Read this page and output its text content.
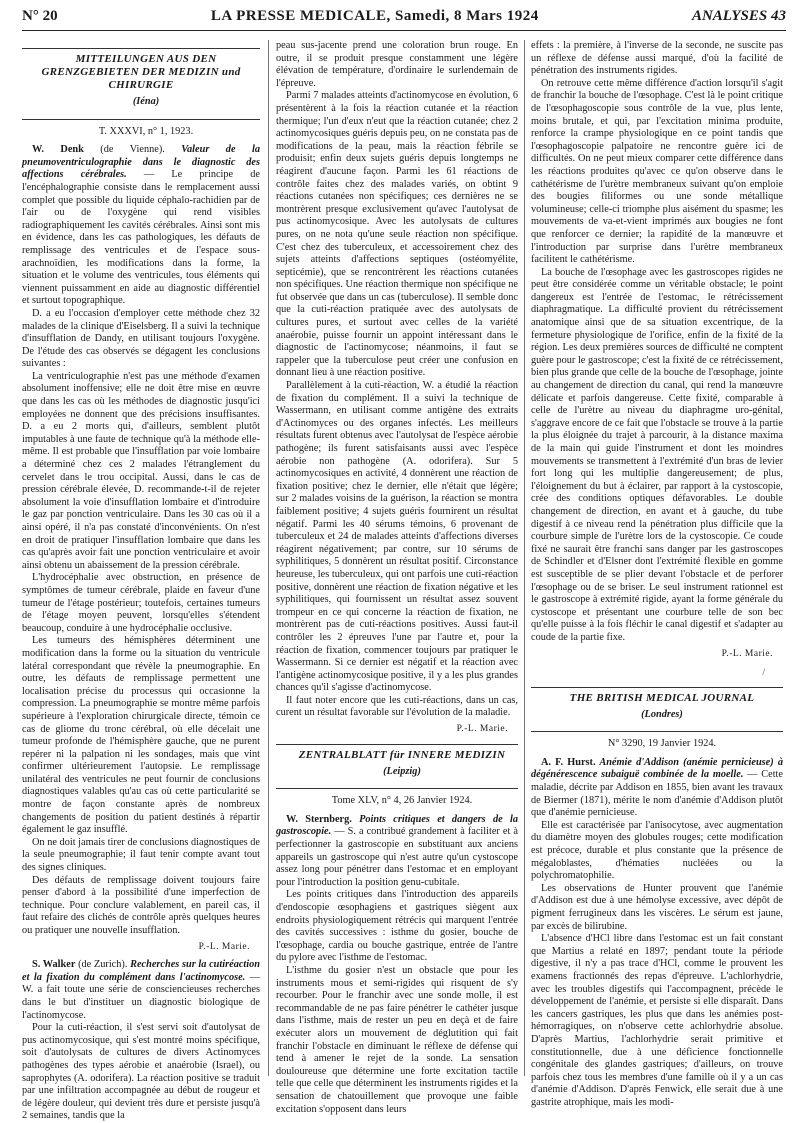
N° 20	LA PRESSE MEDICALE, Samedi, 8 Mars 1924	ANALYSES 43

MITTEILUNGEN AUS DEN GRENZGEBIETEN DER MEDIZIN und CHIRURGIE

(Iéna)

T. XXXVI, n° 1, 1923.

W. Denk (de Vienne). Valeur de la pneumoventriculographie dans le diagnostic des affections cérébrales. — Le principe de l'encéphalographie consiste dans le remplacement aussi complet que possible du liquide céphalo-rachidien par de l'air ou de l'oxygène qui rend visibles radiographiquement les cavités cérébrales. Ainsi sont mis en évidence, dans les cas pathologiques, les défauts de remplissage des ventricules et de l'espace sous-arachnoïdien, les modifications dans la forme, la situation et le volume des ventricules, tous éléments qui viennent puissamment en aide au diagnostic différentiel et surtout topographique.

D. a eu l'occasion d'employer cette méthode chez 32 malades de la clinique d'Eiselsberg. Il a suivi la technique d'insufflation de Dandy, en utilisant toujours l'oxygène. De l'étude des cas observés se dégagent les conclusions suivantes :

La ventriculographie n'est pas une méthode d'examen absolument inoffensive; elle ne doit être mise en œuvre que dans les cas où les méthodes de diagnostic jusqu'ici employées ne donnent que des précisions insuffisantes. D. a eu 2 morts qui, d'ailleurs, semblent plutôt imputables à une faute de technique qu'à la méthode elle-même. Il est probable que l'insufflation par voie lombaire a déterminé chez ces 2 malades l'étranglement du cervelet dans le trou occipital. Aussi, dans le cas de pression cérébrale élevée, D. recommande-t-il de rejeter absolument la voie d'insufflation lombaire et d'introduire le gaz par ponction ventriculaire. Dans les 30 cas où il a ainsi opéré, il n'a pas constaté d'inconvénients. On n'est en droit de pratiquer l'insufflation lombaire que dans les cas qu'après avoir fait une ponction ventriculaire et avoir ainsi obtenu un abaissement de la pression cérébrale.

L'hydrocéphalie avec obstruction, en présence de symptômes de tumeur cérébrale, plaide en faveur d'une tumeur de l'étage postérieur; toutefois, certaines tumeurs de l'étage moyen peuvent, lorsqu'elles s'étendent beaucoup, conduire à une hydrocéphalie occlusive.

Les tumeurs des hémisphères déterminent une modification dans la forme ou la situation du ventricule latéral correspondant que révèle la pneumographie. En outre, les défauts de remplissage permettent une localisation précise du processus qui occasionne la compression. La pneumographie se montre même parfois supérieure à l'exploration chirurgicale directe, témoin ce cas de gliome du tronc cérébral, où elle décelait une tumeur profonde de l'hémisphère gauche, que ne purent repérer ni la palpation ni les sondages, mais que vint confirmer ultérieurement l'autopsie. Le remplissage unilatéral des ventricules ne peut fournir de conclusions diagnostiques valables qu'au cas où cette particularité se montre de façon constante après de nombreux changements de position du patient destinés à répartir également le gaz insufflé.

On ne doit jamais tirer de conclusions diagnostiques de la seule pneumographie; il faut tenir compte avant tout des signes cliniques.

Des défauts de remplissage doivent toujours faire penser d'abord à la possibilité d'une imperfection de technique. Pour conclure valablement, en pareil cas, il faut refaire des clichés de contrôle après quelques heures ou pratiquer une nouvelle insufflation.

P.-L. Marie.

S. Walker (de Zurich). Recherches sur la cutiréaction et la fixation du complément dans l'actinomycose. — W. a fait toute une série de consciencieuses recherches dans le but d'instituer un diagnostic biologique de l'actinomycose.

Pour la cuti-réaction, il s'est servi soit d'autolysat de pus actinomycosique, qui s'est montré moins spécifique, soit d'autolysats de cultures de divers Actinomyces pathogènes des types aérobie et anaérobie (Israel), ou saprophytes (A. odorifera). La réaction positive se traduit par une infiltration accompagnée au début de rougeur et de légère douleur, qui devient très dure et persiste jusqu'à 2 semaines, tandis que la

peau sus-jacente prend une coloration brun rouge. En outre, il se produit presque constamment une légère élévation de température, d'ordinaire le surlendemain de l'épreuve.

Parmi 7 malades atteints d'actinomycose en évolution, 6 présentèrent à la fois la réaction cutanée et la réaction thermique; l'un d'eux n'eut que la réaction cutanée; chez 2 actinomycosiques guéris depuis peu, on ne constata pas de modifications de la peau, mais la réaction fébrile se produisit; enfin deux sujets guéris depuis longtemps ne réagirent d'aucune façon. Parmi les 61 réactions de contrôle faites chez des malades variés, on obtint 9 réactions cutanées non spécifiques; ces dernières ne se montrèrent presque exclusivement qu'avec l'autolysat de pus actinomycosique. Avec les autolysats de cultures pures, on ne nota qu'une seule réaction non spécifique. C'est chez des tuberculeux, et accessoirement chez des sujets atteints d'affections septiques (ostéomyélite, septicémie), que se rencontrèrent les réactions cutanées non spécifiques. Une réaction thermique non spécifique ne fut observée que dans un cas (tuberculose). Il semble donc que la cuti-réaction pratiquée avec des autolysats de cultures pures, et surtout avec celles de la variété anaérobie, puisse fournir un appoint intéressant dans le diagnostic de l'actinomycose; néanmoins, il faut se rappeler que la tuberculose peut créer une confusion en donnant lieu à une réaction positive.

Parallèlement à la cuti-réaction, W. a étudié la réaction de fixation du complément. Il a suivi la technique de Wassermann, en utilisant comme antigène des extraits d'Actinomyces ou des organes infectés. Les meilleurs résultats furent obtenus avec l'autolysat de l'espèce aérobie pathogène; ils furent satisfaisants aussi avec l'espèce aérobie non pathogène (A. odorifera). Sur 5 actinomycosiques en activité, 4 donnèrent une réaction de fixation positive; chez le dernier, elle n'était que légère; sur 2 malades voisins de la guérison, la réaction se montra faiblement positive; 4 sujets guéris fournirent un résultat négatif. Parmi les 40 sérums témoins, 6 provenant de tuberculeux et 24 de malades atteints d'affections diverses réagirent négativement; par contre, sur 10 sérums de syphilitiques, 5 donnèrent un résultat positif. Circonstance heureuse, les tuberculeux, qui ont parfois une cuti-réaction positive, donnèrent une réaction de fixation négative et les syphilitiques, qui fournissent un résultat assez souvent trompeur en ce qui concerne la réaction de fixation, ne montrèrent pas de cuti-réactions positives. Aussi faut-il contrôler les 2 épreuves l'une par l'autre et, pour la réaction de fixation, commencer toujours par pratiquer le Wassermann. Si ce dernier est négatif et la réaction avec l'antigène actinomycosique positive, il y a les plus grandes chances qu'il s'agisse d'actinomycose.

Il faut noter encore que les cuti-réactions, dans un cas, curent un résultat favorable sur l'évolution de la maladie.

P.-L. Marie.

ZENTRALBLATT für INNERE MEDIZIN

(Leipzig)

Tome XLV, n° 4, 26 Janvier 1924.

W. Sternberg. Points critiques et dangers de la gastroscopie. — S. a contribué grandement à faciliter et à perfectionner la gastroscopie en substituant aux anciens appareils un gastroscope qui n'est autre qu'un cystoscope assez long pour pénétrer dans l'estomac et en employant pour l'introduction la position genu-cubitale.

Les points critiques dans l'introduction des appareils d'endoscopie œsophagiens et gastriques siègent aux endroits physiologiquement rétrécis qui marquent l'entrée des cavités successives : isthme du gosier, bouche de l'œsophage, cardia ou bouche gastrique, entrée de l'antre du pylore avec l'isthme de l'estomac.

L'isthme du gosier n'est un obstacle que pour les instruments mous et semi-rigides qui risquent de s'y recourber. Pour le franchir avec une sonde molle, il est recommandable de ne pas faire pénétrer le cathéter jusque dans l'isthme, mais de rester un peu en deçà et de faire exécuter alors un mouvement de déglutition qui fait franchir l'obstacle en diminuant le réflexe de défense qui tend à amener le rejet de la sonde. La sensation douloureuse que détermine une forte excitation tactile telle que celle que déterminent les instruments rigides et la sensation de chatouillement que provoque une faible excitation s'opposent dans leurs

effets : la première, à l'inverse de la seconde, ne suscite pas un réflexe de défense aussi marqué, d'où la facilité de pénétration des instruments rigides.

On retrouve cette même différence d'action lorsqu'il s'agit de franchir la bouche de l'œsophage. C'est là le point critique de l'œsophagoscopie sous contrôle de la vue, plus lente, moins brutale, et qui, par l'excitation minima produite, renforce la crampe physiologique en ce point tandis que l'œsophagoscopie palpatoire ne rencontre guère ici de difficultés. On ne peut mieux comparer cette différence dans les réactions produites qu'avec ce qu'on observe dans le cathétérisme de l'urètre membraneux suivant qu'on emploie des bougies filiformes ou une sonde métallique volumineuse; celle-ci triomphe plus aisément du spasme; les mouvements de va-et-vient imprimés aux bougies ne font que renforcer ce dernier; la rapidité de la manœuvre et l'introduction par surprise dans l'urètre membraneux facilitent le cathétérisme.

La bouche de l'œsophage avec les gastroscopes rigides ne peut être considérée comme un véritable obstacle; le point dangereux est l'entrée de l'estomac, le rétrécissement diaphragmatique. La difficulté provient du rétrécissement anatomique ainsi que de sa situation excentrique, de la fermeture physiologique de l'orifice, enfin de la fixité de la région. Les deux premières sources de difficulté ne comptent guère pour le gastroscope; c'est la fixité de ce rétrécissement, bien plus grande que celle de la bouche de l'œsophage, jointe au changement de direction du canal, qui rend la manœuvre délicate et parfois dangereuse. Cette fixité, comparable à celle de l'urètre au niveau du diaphragme uro-génital, s'aggrave encore de ce fait que l'obstacle se trouve à la partie la plus éloignée du trajet à parcourir, à la distance maxima de la main qui guide l'instrument et dont les moindres mouvements se transmettent à l'extrémité d'un bras de levier fort long qui les multiplie dangereusement; de plus, l'éloignement du but à éclairer, par rapport à la cystoscopie, crée des conditions optiques défavorables. Le double changement de direction, en avant et à gauche, du tube digestif à ce niveau rend la pénétration plus difficile que la courbure simple de l'urètre lors de la cystoscopie. Ce coude fixé ne saurait être franchi sans danger par les gastroscopes de Schindler et d'Elsner dont l'extrémité flexible en gomme est susceptible de se plier devant l'obstacle et de perforer l'œsophage ou de se briser. Le seul instrument rationnel est le gastroscope à extrémité rigide, ayant la forme générale du cystoscope et présentant une courbure telle de son bec qu'elle puisse à la fois fléchir le canal digestif et s'adapter au coude de la partie fixe.

P.-L. Marie.

/

THE BRITISH MEDICAL JOURNAL

(Londres)

N° 3290, 19 Janvier 1924.

A. F. Hurst. Anémie d'Addison (anémie pernicieuse) à dégénérescence subaiguë combinée de la moelle. — Cette maladie, décrite par Addison en 1855, bien avant les travaux de Biermer (1871), mérite le nom d'anémie d'Addison plutôt que d'anémie pernicieuse.

Elle est caractérisée par l'anisocytose, avec augmentation du diamètre moyen des globules rouges; cette modification est précoce, durable et plus constante que la présence de mégaloblastes, d'hématies nucléées ou la polychromatophilie.

Les observations de Hunter prouvent que l'anémie d'Addison est due à une hémolyse excessive, avec dépôt de pigment ferrugineux dans les viscères. Le sérum est jaune, par excès de bilirubine.

L'absence d'HCl libre dans l'estomac est un fait constant que Martius a relaté en 1897; pendant toute la période digestive, il n'y a pas trace d'HCl, comme le prouvent les examens fractionnés des repas d'épreuve. L'achlorhydrie, avec les troubles digestifs qui l'accompagnent, précède le développement de l'anémie, et persiste si elle disparaît. Dans les cancers gastriques, les plus que dans les anémies post-hémorragiques, on n'observe cette achlorhydrie absolue. D'après Martius, l'achlorhydrie serait primitive et constitutionnelle, due à une déficience fonctionnelle congénitale des glandes gastriques; d'ailleurs, on trouve parfois chez tous les membres d'une famille où il y a un cas d'anémie d'Addison. D'après Fenwick, elle serait due à une gastrite atrophique, mais les modi-
